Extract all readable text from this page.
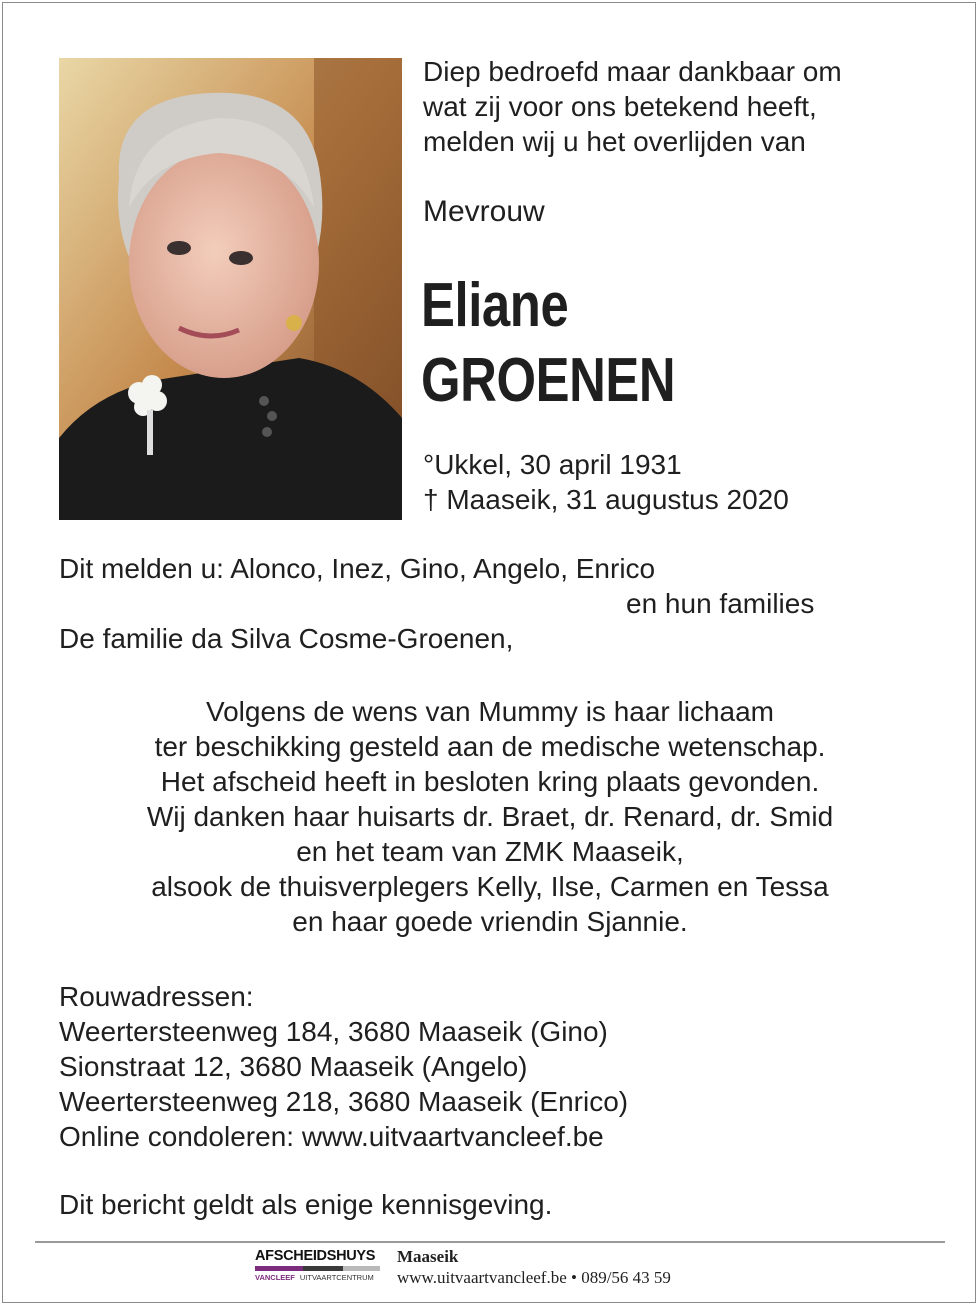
Diep bedroefd maar dankbaar om
wat zij voor ons betekend heeft,
melden wij u het overlijden van
Mevrouw
Eliane
GROENEN
°Ukkel, 30 april 1931
† Maaseik, 31 augustus 2020
Dit melden u: Alonco, Inez, Gino, Angelo, Enrico
en hun families
De familie da Silva Cosme-Groenen,
Volgens de wens van Mummy is haar lichaam
ter beschikking gesteld aan de medische wetenschap.
Het afscheid heeft in besloten kring plaats gevonden.
Wij danken haar huisarts dr. Braet, dr. Renard, dr. Smid
en het team van ZMK Maaseik,
alsook de thuisverplegers Kelly, Ilse, Carmen en Tessa
en haar goede vriendin Sjannie.
Rouwadressen:
Weertersteenweg 184, 3680 Maaseik (Gino)
Sionstraat 12, 3680 Maaseik (Angelo)
Weertersteenweg 218, 3680 Maaseik (Enrico)
Online condoleren: www.uitvaartvancleef.be
Dit bericht geldt als enige kennisgeving.
AFSCHEIDSHUYS
VANCLEEF UITVAARTCENTRUM
Maaseik
www.uitvaartvancleef.be • 089/56 43 59
